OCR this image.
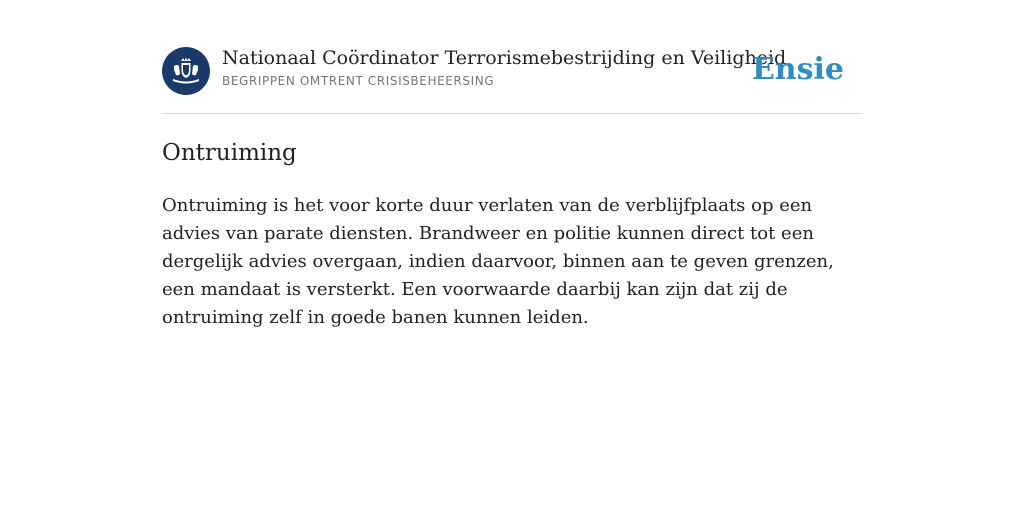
Nationaal Coördinator Terrorismebestrijding en Veiligheid
BEGRIPPEN OMTRENT CRISISBEHEERSING	Ensie
Ontruiming

Ontruiming is het voor korte duur verlaten van de verblijfplaats op een advies van parate diensten. Brandweer en politie kunnen direct tot een dergelijk advies overgaan, indien daarvoor, binnen aan te geven grenzen, een mandaat is versterkt. Een voorwaarde daarbij kan zijn dat zij de ontruiming zelf in goede banen kunnen leiden.
